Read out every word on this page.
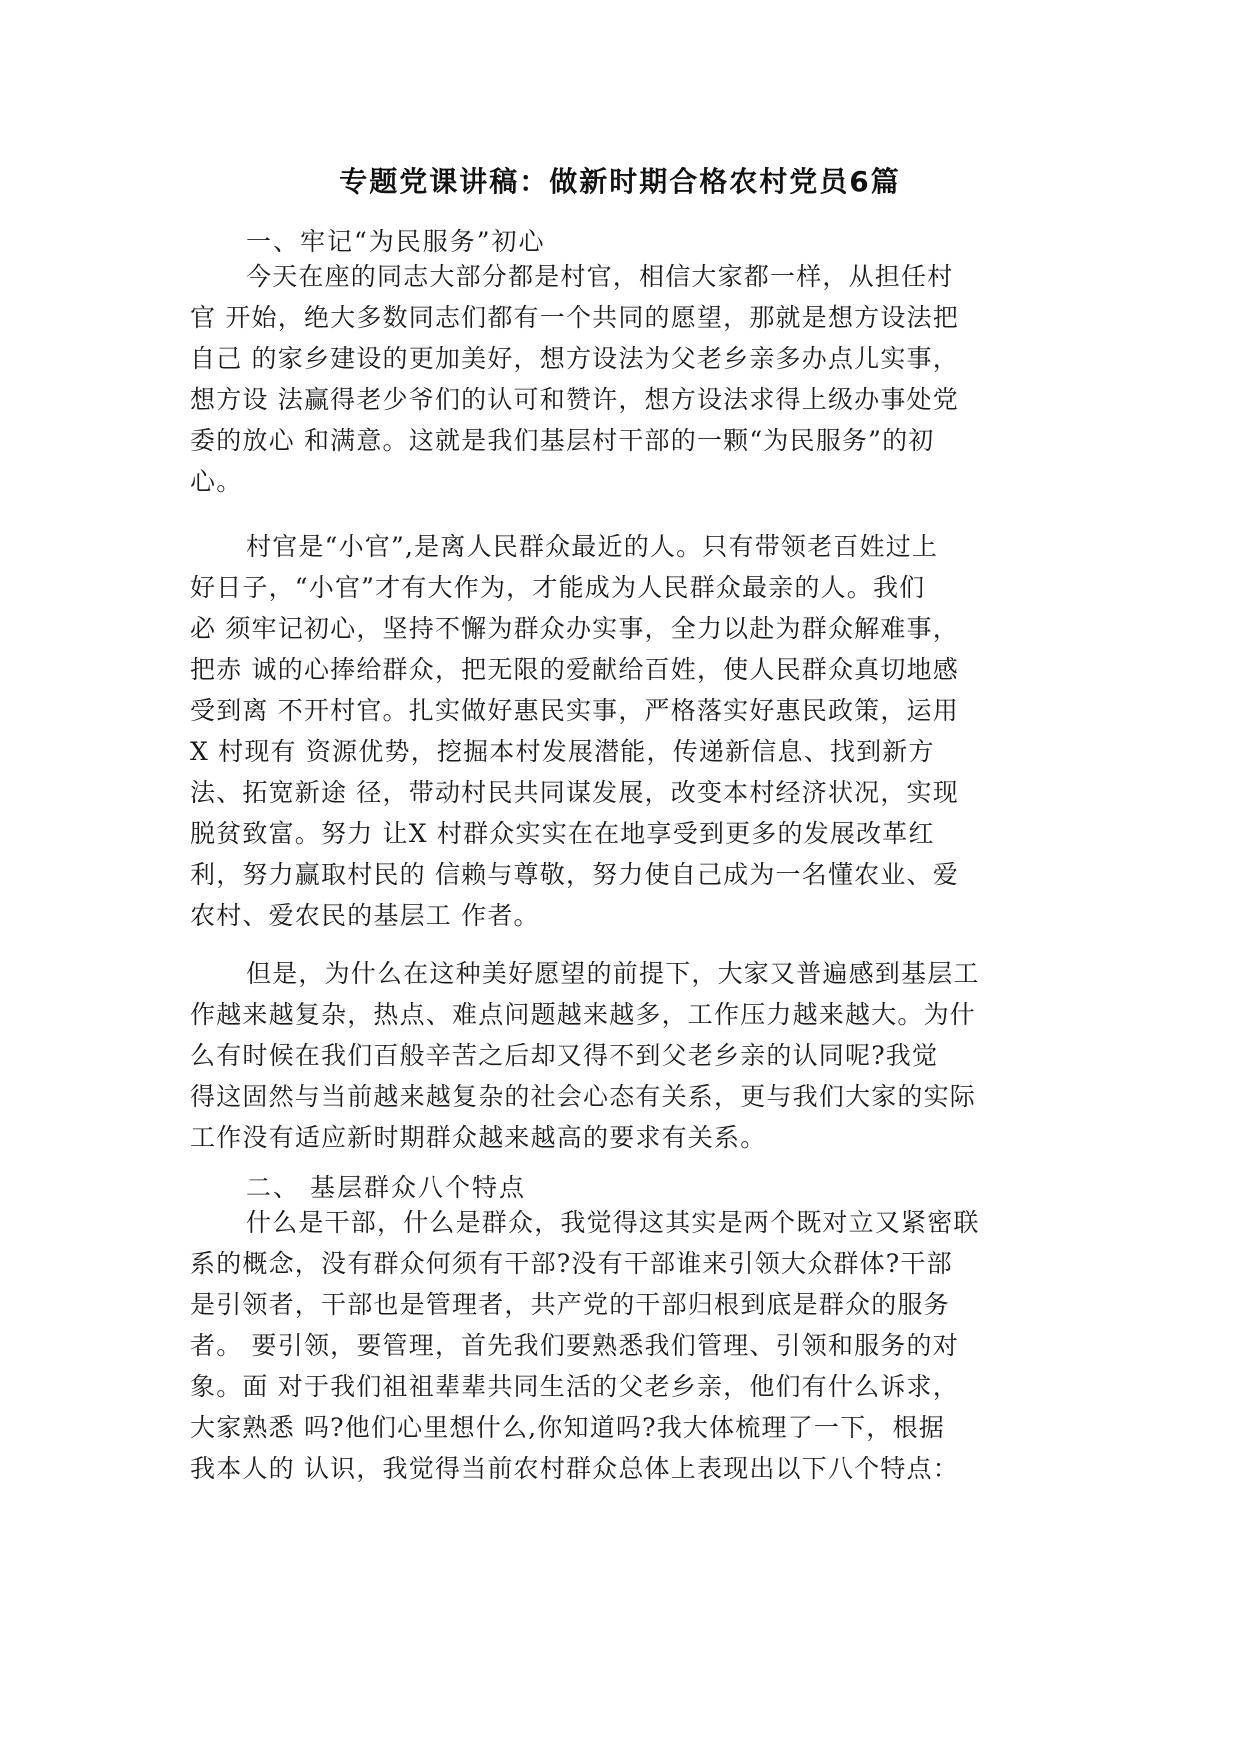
专题党课讲稿：做新时期合格农村党员6篇

一、牢记“为民服务”初心

今天在座的同志大部分都是村官，相信大家都一样，从担任村
官 开始，绝大多数同志们都有一个共同的愿望，那就是想方设法把
自己 的家乡建设的更加美好，想方设法为父老乡亲多办点儿实事，
想方设 法赢得老少爷们的认可和赞许，想方设法求得上级办事处党
委的放心 和满意。这就是我们基层村干部的一颗“为民服务”的初
心。
村官是“小官”,是离人民群众最近的人。只有带领老百姓过上
好日子，“小官”才有大作为，才能成为人民群众最亲的人。我们
必 须牢记初心，坚持不懈为群众办实事，全力以赴为群众解难事，
把赤 诚的心捧给群众，把无限的爱献给百姓，使人民群众真切地感
受到离 不开村官。扎实做好惠民实事，严格落实好惠民政策，运用
X 村现有 资源优势，挖掘本村发展潜能，传递新信息、找到新方
法、拓宽新途 径，带动村民共同谋发展，改变本村经济状况，实现
脱贫致富。努力 让X 村群众实实在在地享受到更多的发展改革红
利，努力赢取村民的 信赖与尊敬，努力使自己成为一名懂农业、爱
农村、爱农民的基层工 作者。
但是，为什么在这种美好愿望的前提下，大家又普遍感到基层工
作越来越复杂，热点、难点问题越来越多，工作压力越来越大。为什
么有时候在我们百般辛苦之后却又得不到父老乡亲的认同呢?我觉
得这固然与当前越来越复杂的社会心态有关系，更与我们大家的实际
工作没有适应新时期群众越来越高的要求有关系。

二、 基层群众八个特点

什么是干部，什么是群众，我觉得这其实是两个既对立又紧密联
系的概念，没有群众何须有干部?没有干部谁来引领大众群体?干部
是引领者，干部也是管理者，共产党的干部归根到底是群众的服务
者。 要引领，要管理，首先我们要熟悉我们管理、引领和服务的对
象。面 对于我们祖祖辈辈共同生活的父老乡亲，他们有什么诉求，
大家熟悉 吗?他们心里想什么,你知道吗?我大体梳理了一下，根据
我本人的 认识，我觉得当前农村群众总体上表现出以下八个特点：
